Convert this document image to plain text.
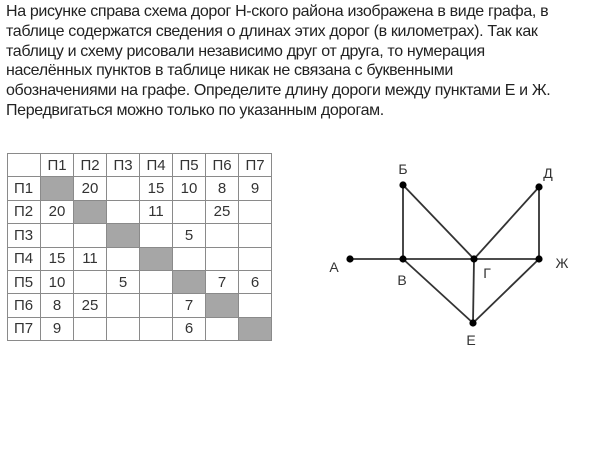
На рисунке справа схема дорог Н-ского района изображена в виде графа, в
таблице содержатся сведения о длинах этих дорог (в километрах). Так как
таблицу и схему рисовали независимо друг от друга, то нумерация
населённых пунктов в таблице никак не связана с буквенными
обозначениями на графе. Определите длину дороги между пунктами Е и Ж.
Передвигаться можно только по указанным дорогам.
	П1	П2	П3	П4	П5	П6	П7
П1		20		15	10	8	9
П2	20			11		25	
П3					5		
П4	15	11					
П5	10		5			7	6
П6	8	25			7		
П7	9				6		
А
Б
В	Г
Д
Ж
Е
